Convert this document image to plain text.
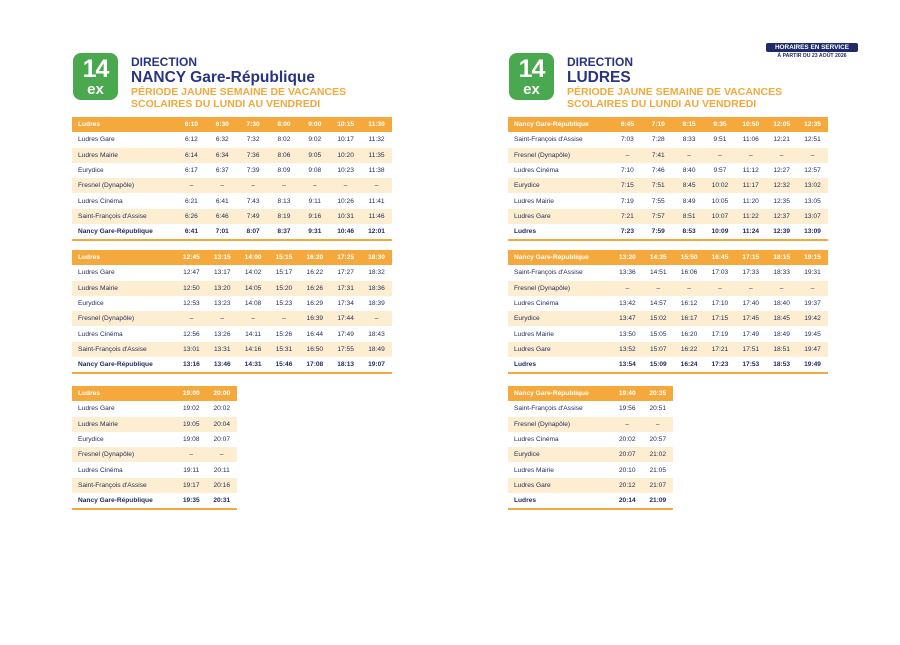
HORAIRES EN SERVICE
À PARTIR DU 23 AOÛT 2026
14
ex
DIRECTION
NANCY Gare-République
PÉRIODE JAUNE SEMAINE DE VACANCES
SCOLAIRES DU LUNDI AU VENDREDI
Ludres	6:10	6:30	7:30	8:00	9:00	10:15	11:30
Ludres Gare	6:12	6:32	7:32	8:02	9:02	10:17	11:32
Ludres Mairie	6:14	6:34	7:36	8:06	9:05	10:20	11:35
Eurydice	6:17	6:37	7:39	8:09	9:08	10:23	11:38
Fresnel (Dynapôle)	–	–	–	–	–	–	–
Ludres Cinéma	6:21	6:41	7:43	8:13	9:11	10:26	11:41
Saint-François d'Assise	6:26	6:46	7:49	8:19	9:16	10:31	11:46
Nancy Gare-République	6:41	7:01	8:07	8:37	9:31	10:46	12:01
Ludres	12:45	13:15	14:00	15:15	16:20	17:25	18:30
Ludres Gare	12:47	13:17	14:02	15:17	16:22	17:27	18:32
Ludres Mairie	12:50	13:20	14:05	15:20	16:26	17:31	18:36
Eurydice	12:53	13:23	14:08	15:23	16:29	17:34	18:39
Fresnel (Dynapôle)	–	–	–	–	16:39	17:44	–
Ludres Cinéma	12:56	13:26	14:11	15:26	16:44	17:49	18:43
Saint-François d'Assise	13:01	13:31	14:16	15:31	16:50	17:55	18:49
Nancy Gare-République	13:16	13:46	14:31	15:46	17:08	18:13	19:07
Ludres	19:00	20:00
Ludres Gare	19:02	20:02
Ludres Mairie	19:05	20:04
Eurydice	19:08	20:07
Fresnel (Dynapôle)	–	–
Ludres Cinéma	19:11	20:11
Saint-François d'Assise	19:17	20:16
Nancy Gare-République	19:35	20:31
14
ex
DIRECTION
LUDRES
PÉRIODE JAUNE SEMAINE DE VACANCES
SCOLAIRES DU LUNDI AU VENDREDI
Nancy Gare-République	6:45	7:10	8:15	9:35	10:50	12:05	12:35
Saint-François d'Assise	7:03	7:28	8:33	9:51	11:06	12:21	12:51
Fresnel (Dynapôle)	–	7:41	–	–	–	–	–
Ludres Cinéma	7:10	7:46	8:40	9:57	11:12	12:27	12:57
Eurydice	7:15	7:51	8:45	10:02	11:17	12:32	13:02
Ludres Mairie	7:19	7:55	8:49	10:05	11:20	12:35	13:05
Ludres Gare	7:21	7:57	8:51	10:07	11:22	12:37	13:07
Ludres	7:23	7:59	8:53	10:09	11:24	12:39	13:09
Nancy Gare-République	13:20	14:35	15:50	16:45	17:15	18:15	19:15
Saint-François d'Assise	13:36	14:51	16:06	17:03	17:33	18:33	19:31
Fresnel (Dynapôle)	–	–	–	–	–	–	–
Ludres Cinéma	13:42	14:57	16:12	17:10	17:40	18:40	19:37
Eurydice	13:47	15:02	16:17	17:15	17:45	18:45	19:42
Ludres Mairie	13:50	15:05	16:20	17:19	17:49	18:49	19:45
Ludres Gare	13:52	15:07	16:22	17:21	17:51	18:51	19:47
Ludres	13:54	15:09	16:24	17:23	17:53	18:53	19:49
Nancy Gare-République	19:40	20:35
Saint-François d'Assise	19:56	20:51
Fresnel (Dynapôle)	–	–
Ludres Cinéma	20:02	20:57
Eurydice	20:07	21:02
Ludres Mairie	20:10	21:05
Ludres Gare	20:12	21:07
Ludres	20:14	21:09
